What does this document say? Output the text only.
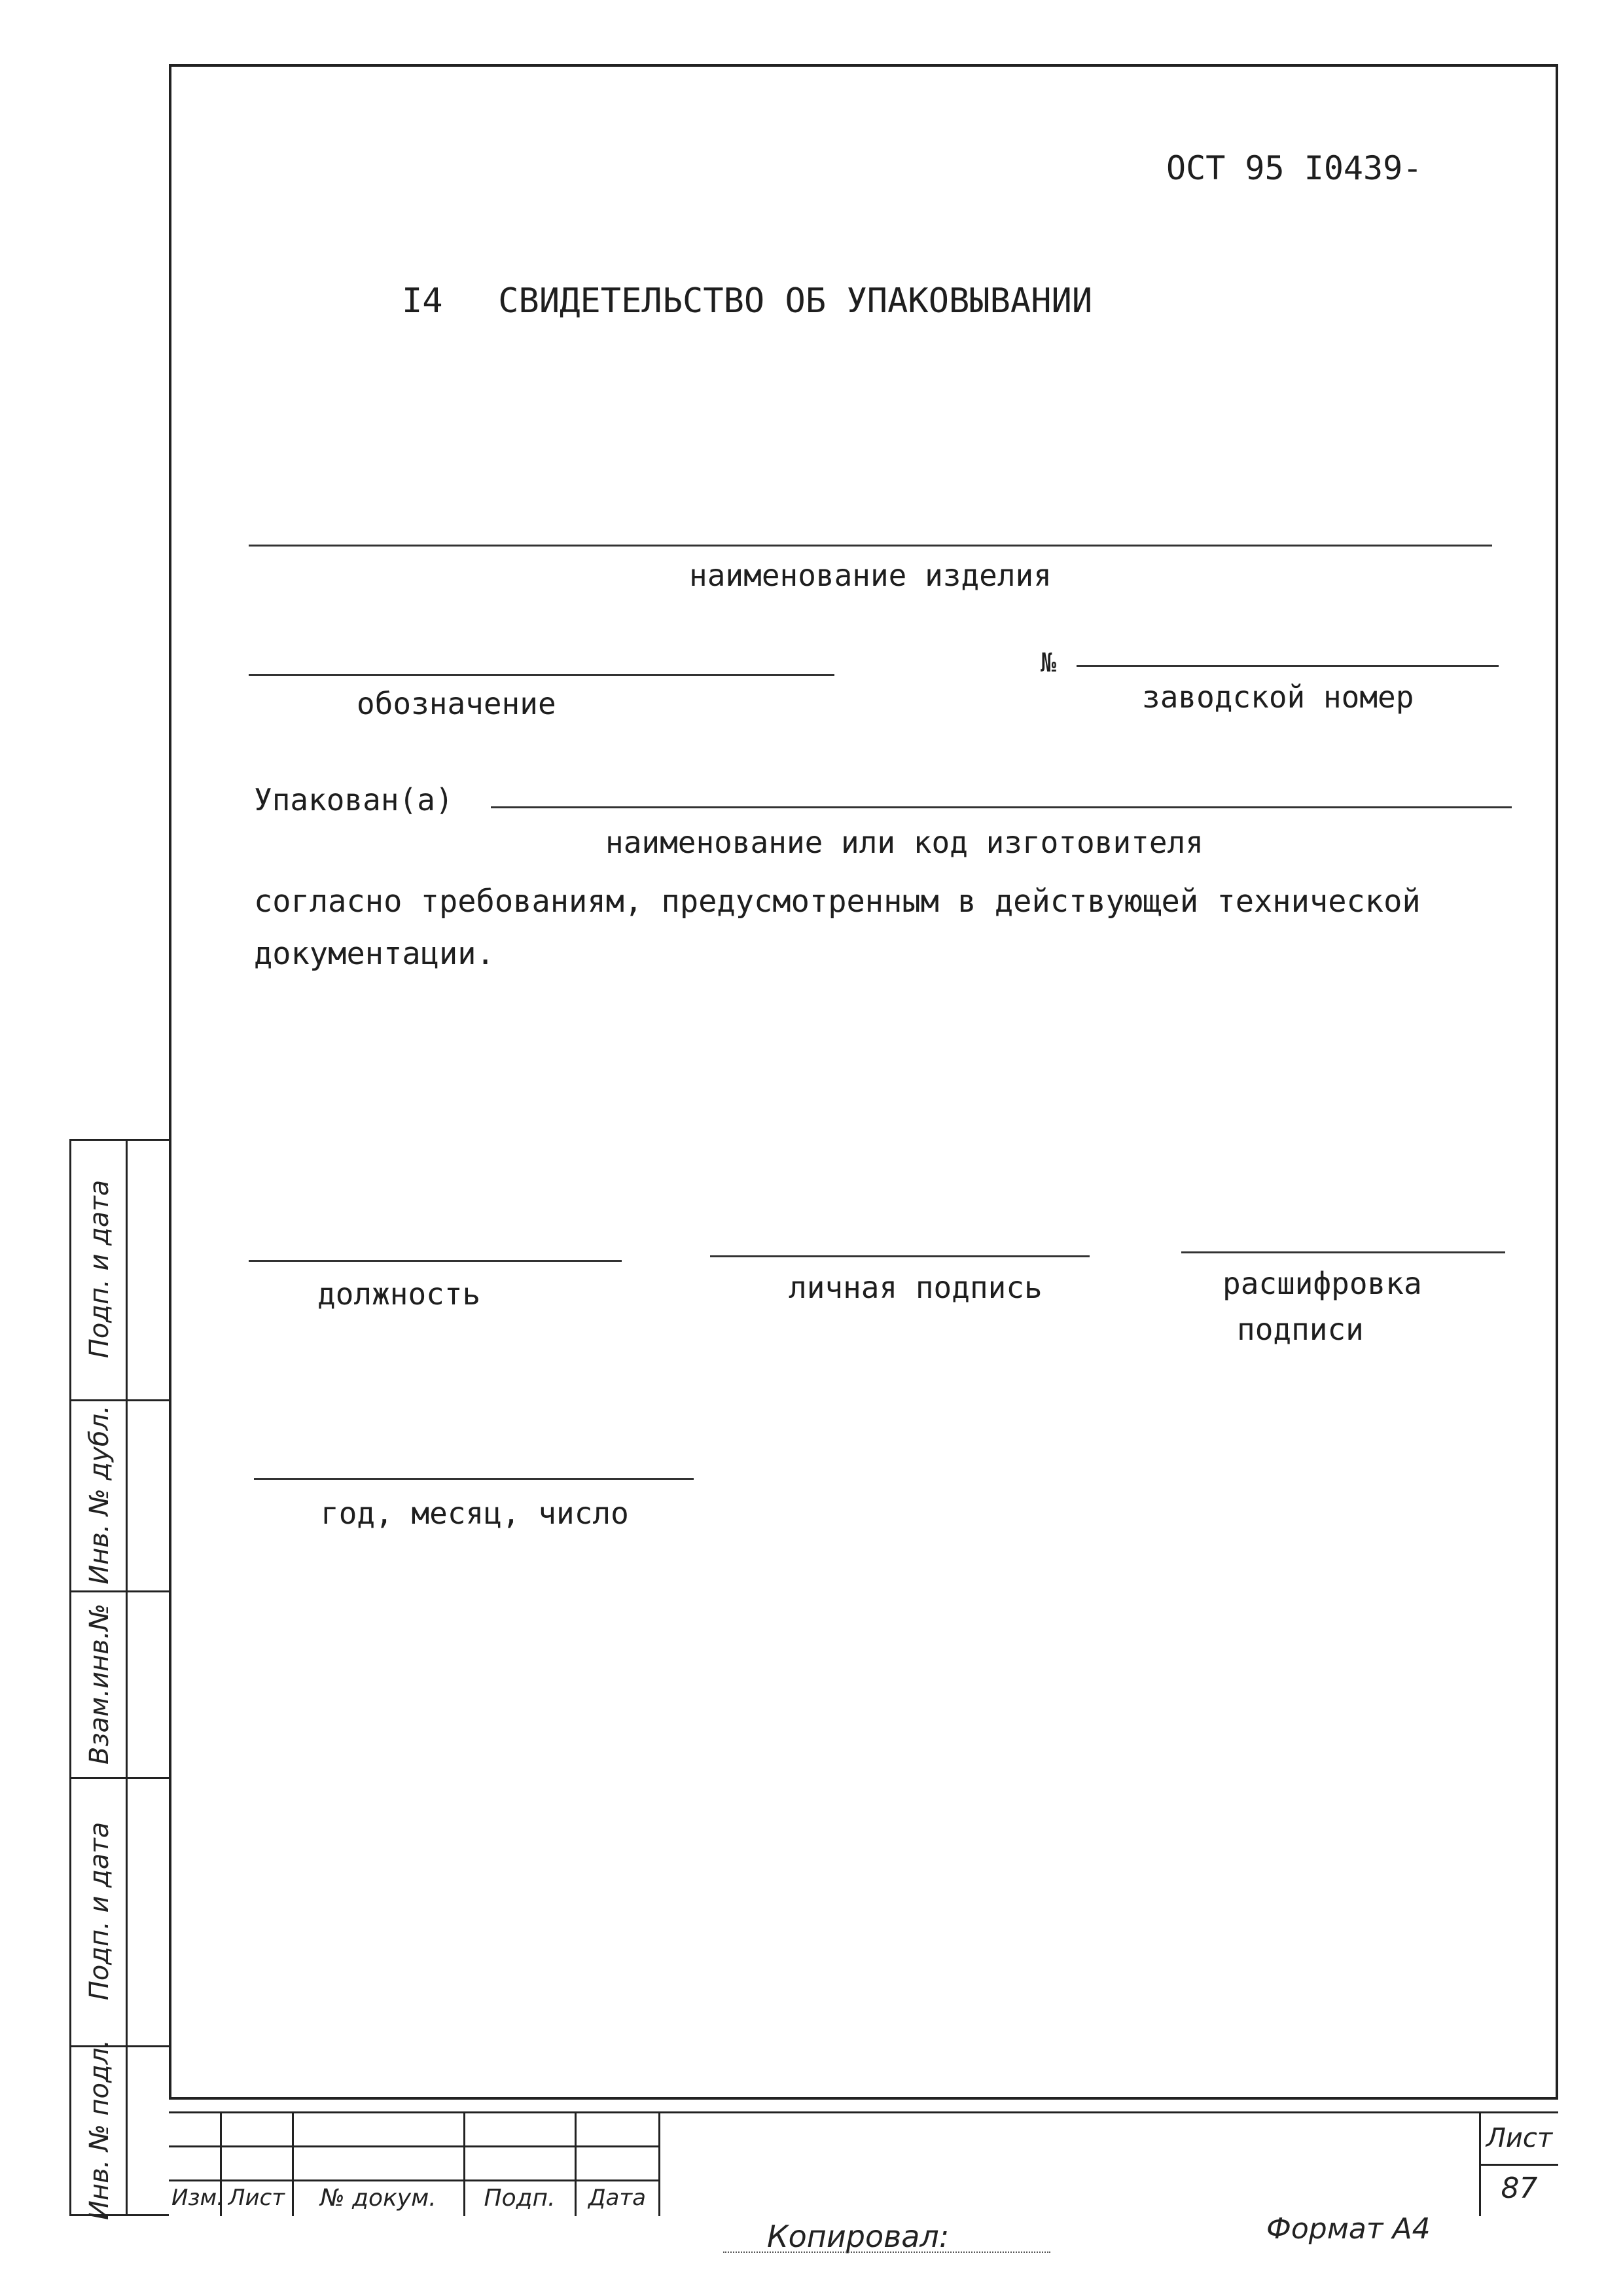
ОСТ 95 I0439-
I4 СВИДЕТЕЛЬСТВО ОБ УПАКОВЫВАНИИ
наименование изделия
№
обозначение	заводской номер
Упакован(а)
наименование или код изготовителя
согласно требованиям, предусмотренным в действующей технической
документации.
должность	личная подпись	расшифровка
подписи
год, месяц, число
Подп. и дата
Инв. № дубл.
Взам.инв.№
Подп. и дата
Инв. № подл.	Изм. Лист	№ докум.	Подп.	Дата
Лист
87
Копировал:	Формат А4
